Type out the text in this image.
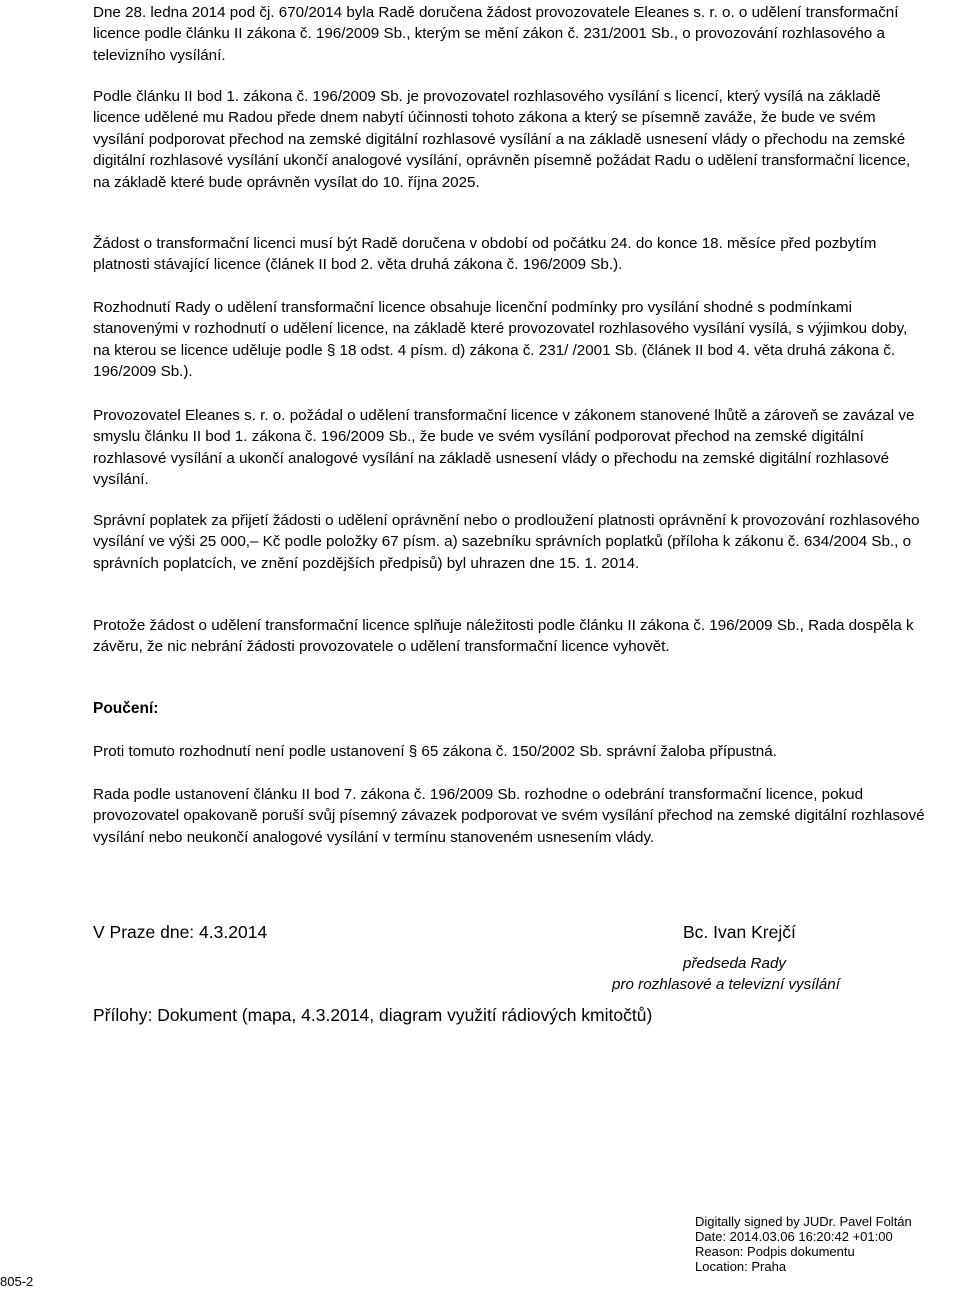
Dne 28. ledna 2014 pod čj. 670/2014 byla Radě doručena žádost provozovatele Eleanes s. r. o. o udělení transformační licence podle článku II zákona č. 196/2009 Sb., kterým se mění zákon č. 231/2001 Sb., o provozování rozhlasového a televizního vysílání.

Podle článku II bod 1. zákona č. 196/2009 Sb. je provozovatel rozhlasového vysílání s licencí, který vysílá na základě licence udělené mu Radou přede dnem nabytí účinnosti tohoto zákona a který se písemně zaváže, že bude ve svém vysílání podporovat přechod na zemské digitální rozhlasové vysílání a na základě usnesení vlády o přechodu na zemské digitální rozhlasové vysílání ukončí analogové vysílání, oprávněn písemně požádat Radu o udělení transformační licence, na základě které bude oprávněn vysílat do 10. října 2025.

Žádost o transformační licenci musí být Radě doručena v období od počátku 24. do konce 18. měsíce před pozbytím platnosti stávající licence (článek II bod 2. věta druhá zákona č. 196/2009 Sb.).

Rozhodnutí Rady o udělení transformační licence obsahuje licenční podmínky pro vysílání shodné s podmínkami stanovenými v rozhodnutí o udělení licence, na základě které provozovatel rozhlasového vysílání vysílá, s výjimkou doby, na kterou se licence uděluje podle § 18 odst. 4 písm. d) zákona č. 231/ /2001 Sb. (článek II bod 4. věta druhá zákona č. 196/2009 Sb.).

Provozovatel Eleanes s. r. o. požádal o udělení transformační licence v zákonem stanovené lhůtě a zároveň se zavázal ve smyslu článku II bod 1. zákona č. 196/2009 Sb., že bude ve svém vysílání podporovat přechod na zemské digitální rozhlasové vysílání a ukončí analogové vysílání na základě usnesení vlády o přechodu na zemské digitální rozhlasové vysílání.

Správní poplatek za přijetí žádosti o udělení oprávnění nebo o prodloužení platnosti oprávnění k provozování rozhlasového vysílání ve výši 25 000,– Kč podle položky 67 písm. a) sazebníku správních poplatků (příloha k zákonu č. 634/2004 Sb., o správních poplatcích, ve znění pozdějších předpisů) byl uhrazen dne 15. 1. 2014.

Protože žádost o udělení transformační licence splňuje náležitosti podle článku II zákona č. 196/2009 Sb., Rada dospěla k závěru, že nic nebrání žádosti provozovatele o udělení transformační licence vyhovět.

Poučení:

Proti tomuto rozhodnutí není podle ustanovení § 65 zákona č. 150/2002 Sb. správní žaloba přípustná.

Rada podle ustanovení článku II bod 7. zákona č. 196/2009 Sb. rozhodne o odebrání transformační licence, pokud provozovatel opakovaně poruší svůj písemný závazek podporovat ve svém vysílání přechod na zemské digitální rozhlasové vysílání nebo neukončí analogové vysílání v termínu stanoveném usnesením vlády.

V Praze dne: 4.3.2014	Bc. Ivan Krejčí
předseda Rady
pro rozhlasové a televizní vysílání
Přílohy: Dokument (mapa, 4.3.2014, diagram využití rádiových kmitočtů)
Digitally signed by JUDr. Pavel Foltán
Date: 2014.03.06 16:20:42 +01:00
Reason: Podpis dokumentu
Location: Praha
805-2
